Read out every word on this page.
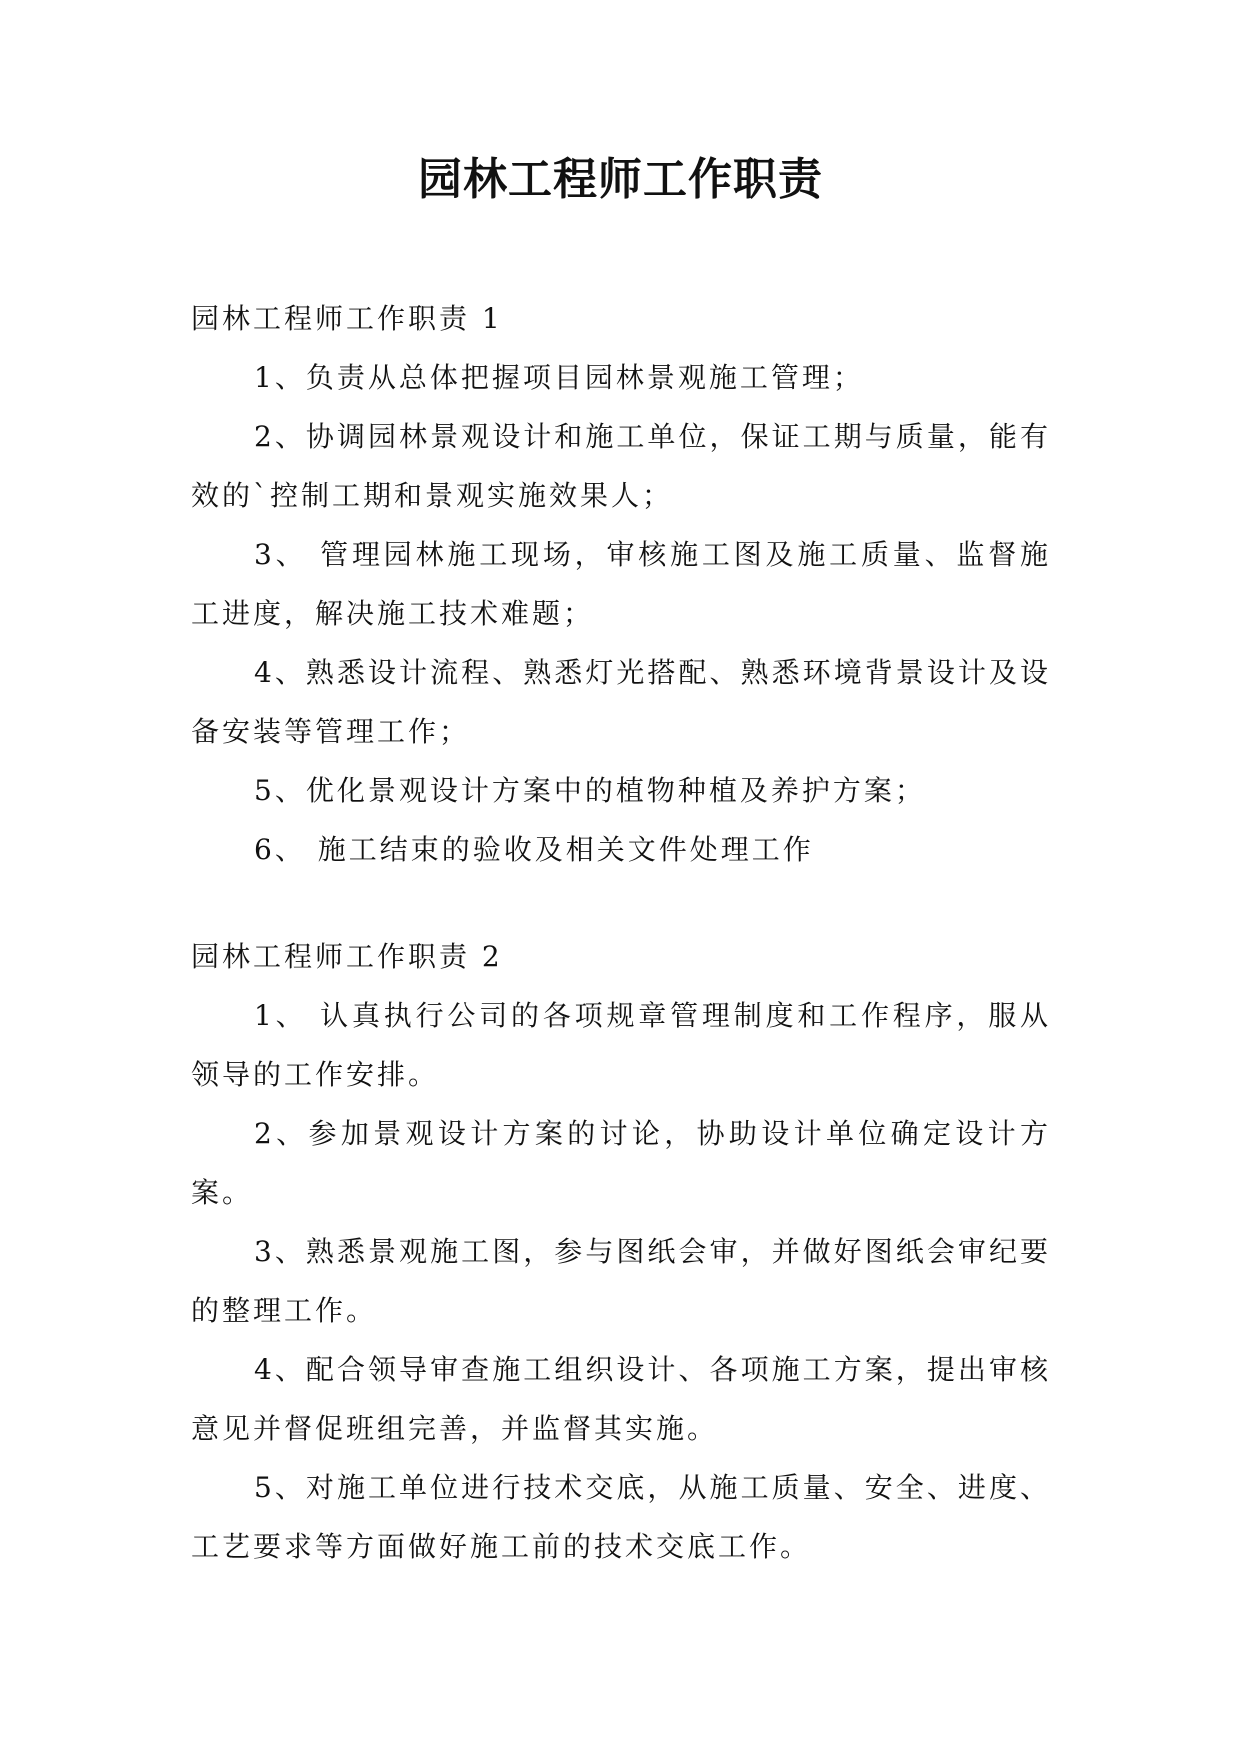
园林工程师工作职责

园林工程师工作职责 1

1、负责从总体把握项目园林景观施工管理；

2、协调园林景观设计和施工单位，保证工期与质量，能有效的`控制工期和景观实施效果人；

3、 管理园林施工现场，审核施工图及施工质量、监督施工进度，解决施工技术难题；

4、熟悉设计流程、熟悉灯光搭配、熟悉环境背景设计及设备安装等管理工作；

5、优化景观设计方案中的植物种植及养护方案；

6、 施工结束的验收及相关文件处理工作

园林工程师工作职责 2

1、 认真执行公司的各项规章管理制度和工作程序，服从领导的工作安排。

2、参加景观设计方案的讨论，协助设计单位确定设计方案。

3、熟悉景观施工图，参与图纸会审，并做好图纸会审纪要的整理工作。

4、配合领导审查施工组织设计、各项施工方案，提出审核意见并督促班组完善，并监督其实施。

5、对施工单位进行技术交底，从施工质量、安全、进度、工艺要求等方面做好施工前的技术交底工作。
